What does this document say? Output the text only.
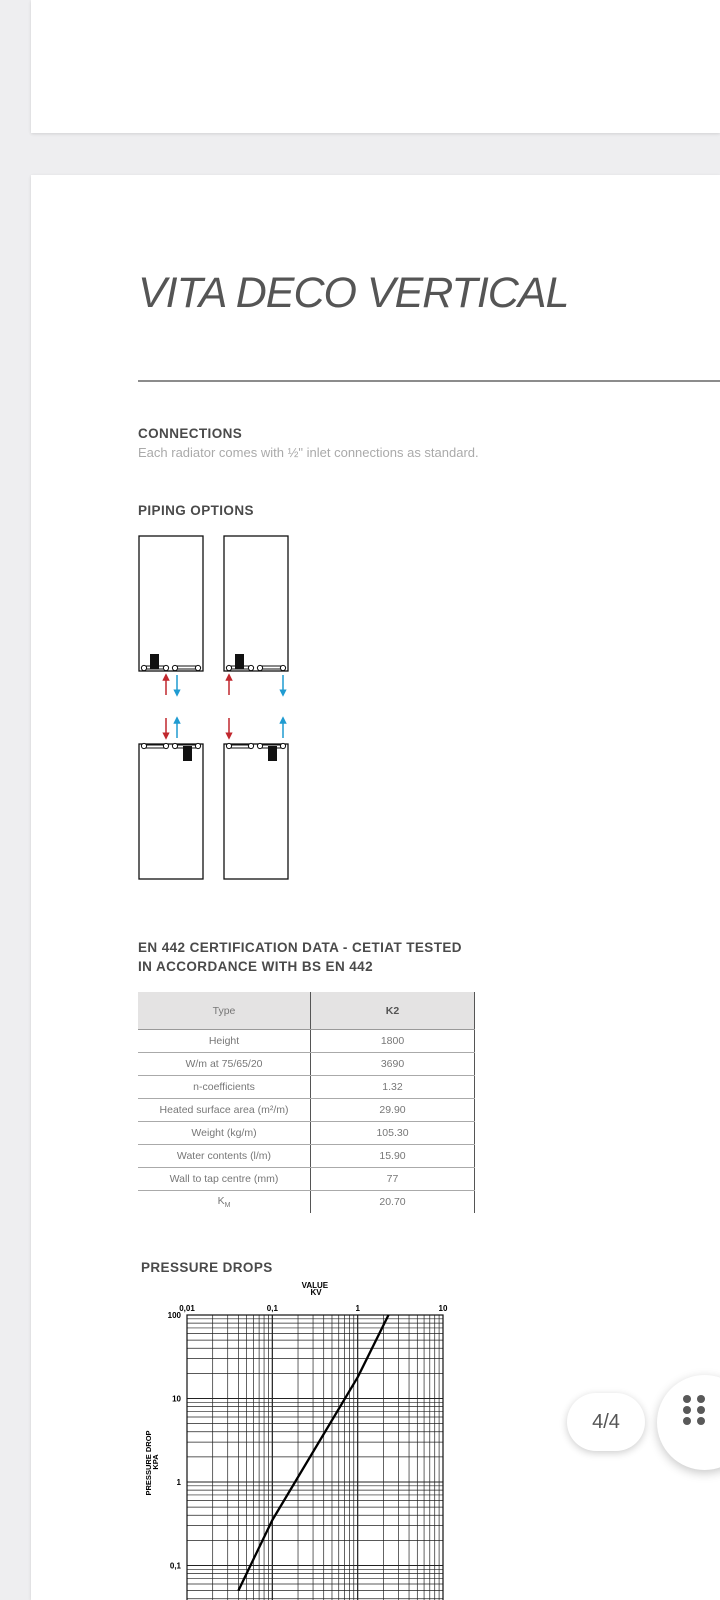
VITA DECO VERTICAL
CONNECTIONS

Each radiator comes with ½" inlet connections as standard.

PIPING OPTIONS
EN 442 CERTIFICATION DATA - CETIAT TESTED
IN ACCORDANCE WITH BS EN 442
Type	K2
Height	1800
W/m at 75/65/20	3690
n-coefficients	1.32
Heated surface area (m²/m)	29.90
Weight (kg/m)	105.30
Water contents (l/m)	15.90
Wall to tap centre (mm)	77
$K_M$	20.70
PRESSURE DROPS
VALUE KV
PRESSURE DROP KPA
0,01	0,1	1	10
100
10
1
0,1
4/4
